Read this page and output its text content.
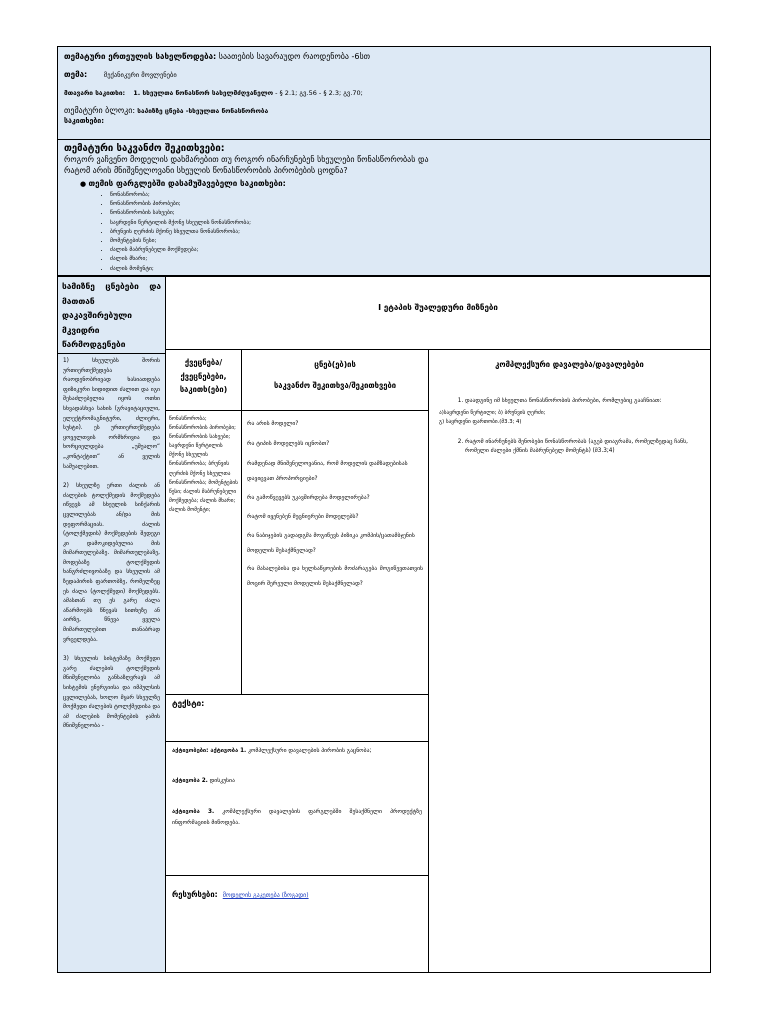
თემატური ერთეულის სახელწოდება: საათების სავარაუდო რაოდენობა -6სთ
თემა:	მექანიკური მოვლენები
მთავარი საკითხი: 1. სხეულთა წონასწორ სახელმძღვანელო - § 2.1; გვ.56 - § 2.3; გვ.70;
თემატური ბლოკი: საპიზზე ცნება -სხეულთა წონასწორობა
საკითხები:
თემატური საკვანძო შეკითხვები:
როგორ ვაჩვენო მოდელის დახმარებით თუ როგორ ინარჩუნებენ სხეულები წონასწორობას და
რატომ არის მნიშვნელოვანი სხეულის წონასწორობის პირობების ცოდნა?
● თემის ფარგლებში დასამუშავებელი საკითხები:
• წონასწორობა;
• წონასწორობის პირობები;
• წონასწორობის სახეები;
• საყრდენი წერტილის მქონე სხეულის წონასწორობა;
• ბრუნვის ღერძის მქონე სხეულთა წონასწორობა;
• მომენტების წესი;
• ძალის მაბრუნებელი მოქმედება;
• ძალის მხარი;
• ძალის მომენტი;
სამიზნე ცნებები და მათთან დაკავშირებული მკვიდრი წარმოდგენები
1) სხეულებს შორის ურთიერთქმედება რაოდენობრივად ხასიათდება ფიზიკური სიდიდით ძალით და იგი შესაძლებელია იყოს ოთხი სხვადასხვა სახის (გრავიტაციული, ელექტრომაგნიტური, ძლიერი, სუსტი). ეს ურთიერთქმედება ყოველთვის ორმხრივია და ხორციელდება „უშუალო“ „კონტაქტით“ ან ველის საშუალებით.
2) სხეულზე ერთი ძალის ან ძალების ტოლქმედის მოქმედება იწვევს ამ სხეულის სიჩქარის ცვლილებას ან/და მის დეფორმაციას. ძალის (ტოლქმედის) მოქმედების შედეგი კი დამოკიდებულია მის მიმართულებაზე. მიმართულებაზე, მოდებაზე ტოლქმედის ხანგრძლივობაზე და სხეულის ამ ზედაპირის ფართობზე, რომელზეც ეს ძალა (ტოლქმედი) მოქმედებს. ამასთან თუ ეს გარე ძალა აწარმოებს წნევას სითხეზე ან აირზე, წნევა ყველა მიმართულებით თანაბრად ვრცელდება.
3) სხეულის სისტემაზე მოქმედი გარე ძალების ტოლქმედის მნიშვნელობა განსაზღვრავს ამ სისტემის ენერგიისა და იმპულსის ცვლილებას, ხოლო მყარ სხეულზე მოქმედი ძალების ტოლქმედისა და ამ ძალების მომენტების ჯამის მნიშვნელობა -
I ეტაპის შუალედური მიზნები
ქვეცნება/ ქვეცნებები, საკითხ(ები)
ცნებ(ებ)ის
საკვანძო შეკითხვა/შეკითხვები
კომპლექსური დავალება/დავალებები
1. დაადგინე იმ სხეულთა წონასწორობის პირობები, რომლებიც გააჩნიათ:
ა)საყრდენი წერტილი; ბ) ბრუნვის ღერძი;
გ) საყრდენი ფართობი.(მ3.3; 4)
2. რატომ ინარჩუნებს შენობები წონასწორობას (აგებ დიაგრამა, რომელზედაც ჩანს, რომელი ძალები ქმნის მაბრუნებელ მომენტს) (მ3.3;4)
წონასწორობა; წონასწორობის პირობები; წონასწორობის სახეები; საყრდენი წერტილის მქონე სხეულის წონასწორობა; ბრუნვის ღერძის მქონე სხეულთა წონასწორობა; მომენტების წესი; ძალის მაბრუნებელი მოქმედება; ძალის მხარი; ძალის მომენტი;
რა არის მოდელი?
რა ტიპის მოდელებს იცნობთ?
რამდენად მნიშვნელოვანია, რომ მოდელის დამზადებისას დავიცვათ პროპორციები?
რა გამოწვევებს უკავშირდება მოდელირება?
რატომ იყენებენ მეცნიერები მოდელებს?
რა ნაბიჯების გადადგმა მოგიწევს პიზიკა კომპის/ცათამბჯენის მოდელის შესაქმნელად?
რა მასალებისა და ხელსაწყოების მოძარაგება მოგიწევთათვის მოცირ შერეული მოდელის შესაქმნელად?
ტექსტი:
აქტივობები: აქტივობა 1. კომპლექსური დავალების პირობის გაცნობა;
აქტივობა 2. დისკუსია
აქტივობა 3. კომპლექსური დავალების ფარგლებში შესაქმნელი პროდუქტზე ინფორმაციის მიწოდება.
რესურსები: მოდელის გაკეთება (ზოგადი)
